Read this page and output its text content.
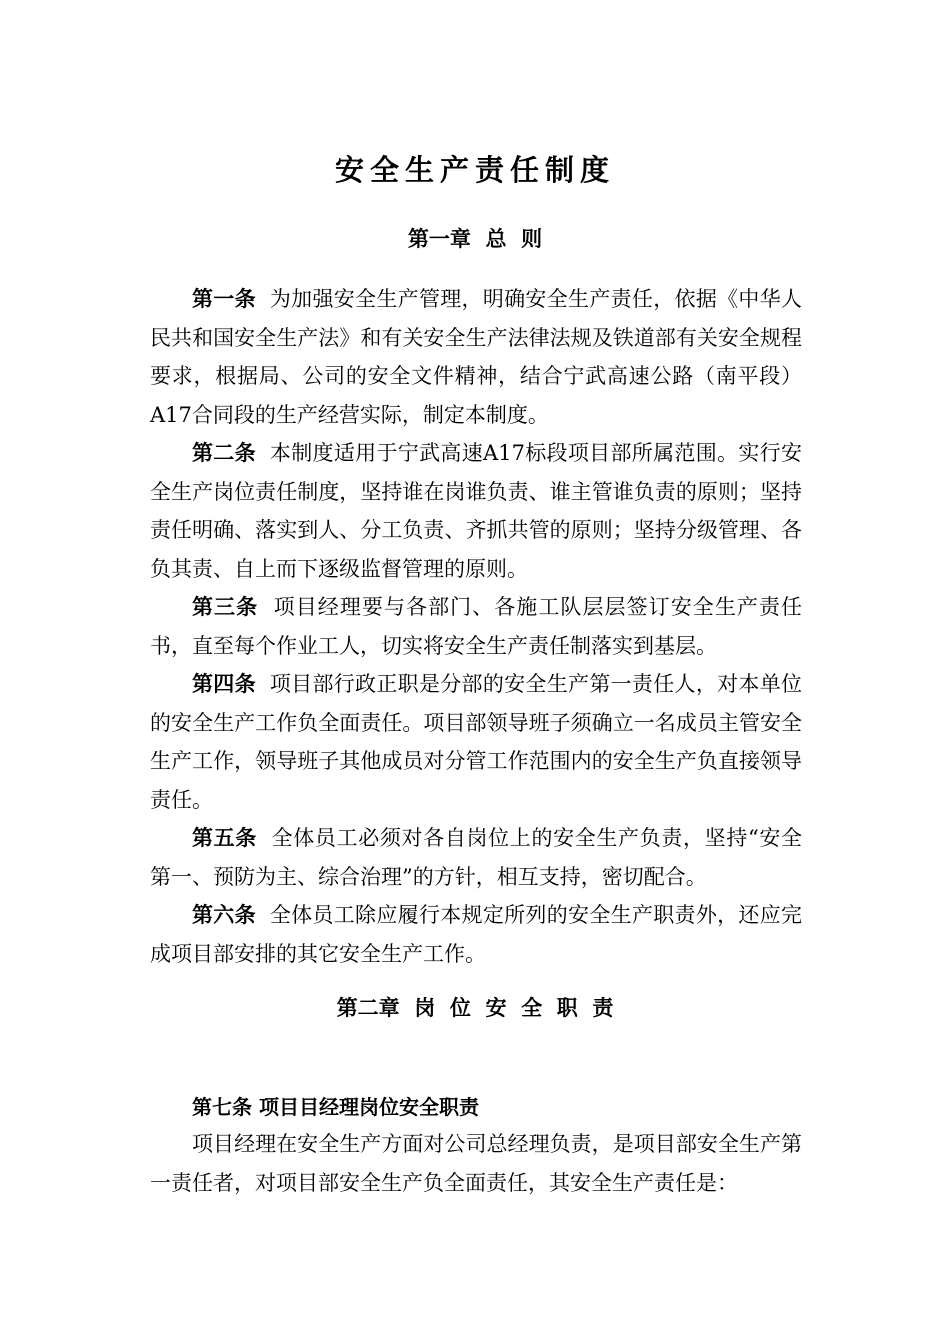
安全生产责任制度
第一章  总  则

第一条 为加强安全生产管理，明确安全生产责任，依据《中华人民共和国安全生产法》和有关安全生产法律法规及铁道部有关安全规程要求，根据局、公司的安全文件精神，结合宁武高速公路（南平段）A17合同段的生产经营实际，制定本制度。

第二条 本制度适用于宁武高速A17标段项目部所属范围。实行安全生产岗位责任制度，坚持谁在岗谁负责、谁主管谁负责的原则；坚持责任明确、落实到人、分工负责、齐抓共管的原则；坚持分级管理、各负其责、自上而下逐级监督管理的原则。

第三条 项目经理要与各部门、各施工队层层签订安全生产责任书，直至每个作业工人，切实将安全生产责任制落实到基层。

第四条 项目部行政正职是分部的安全生产第一责任人，对本单位的安全生产工作负全面责任。项目部领导班子须确立一名成员主管安全生产工作，领导班子其他成员对分管工作范围内的安全生产负直接领导责任。

第五条 全体员工必须对各自岗位上的安全生产负责，坚持“安全第一、预防为主、综合治理”的方针，相互支持，密切配合。

第六条 全体员工除应履行本规定所列的安全生产职责外，还应完成项目部安排的其它安全生产工作。

第二章  岗  位  安  全  职  责
第七条 项目目经理岗位安全职责

项目经理在安全生产方面对公司总经理负责，是项目部安全生产第一责任者，对项目部安全生产负全面责任，其安全生产责任是：
